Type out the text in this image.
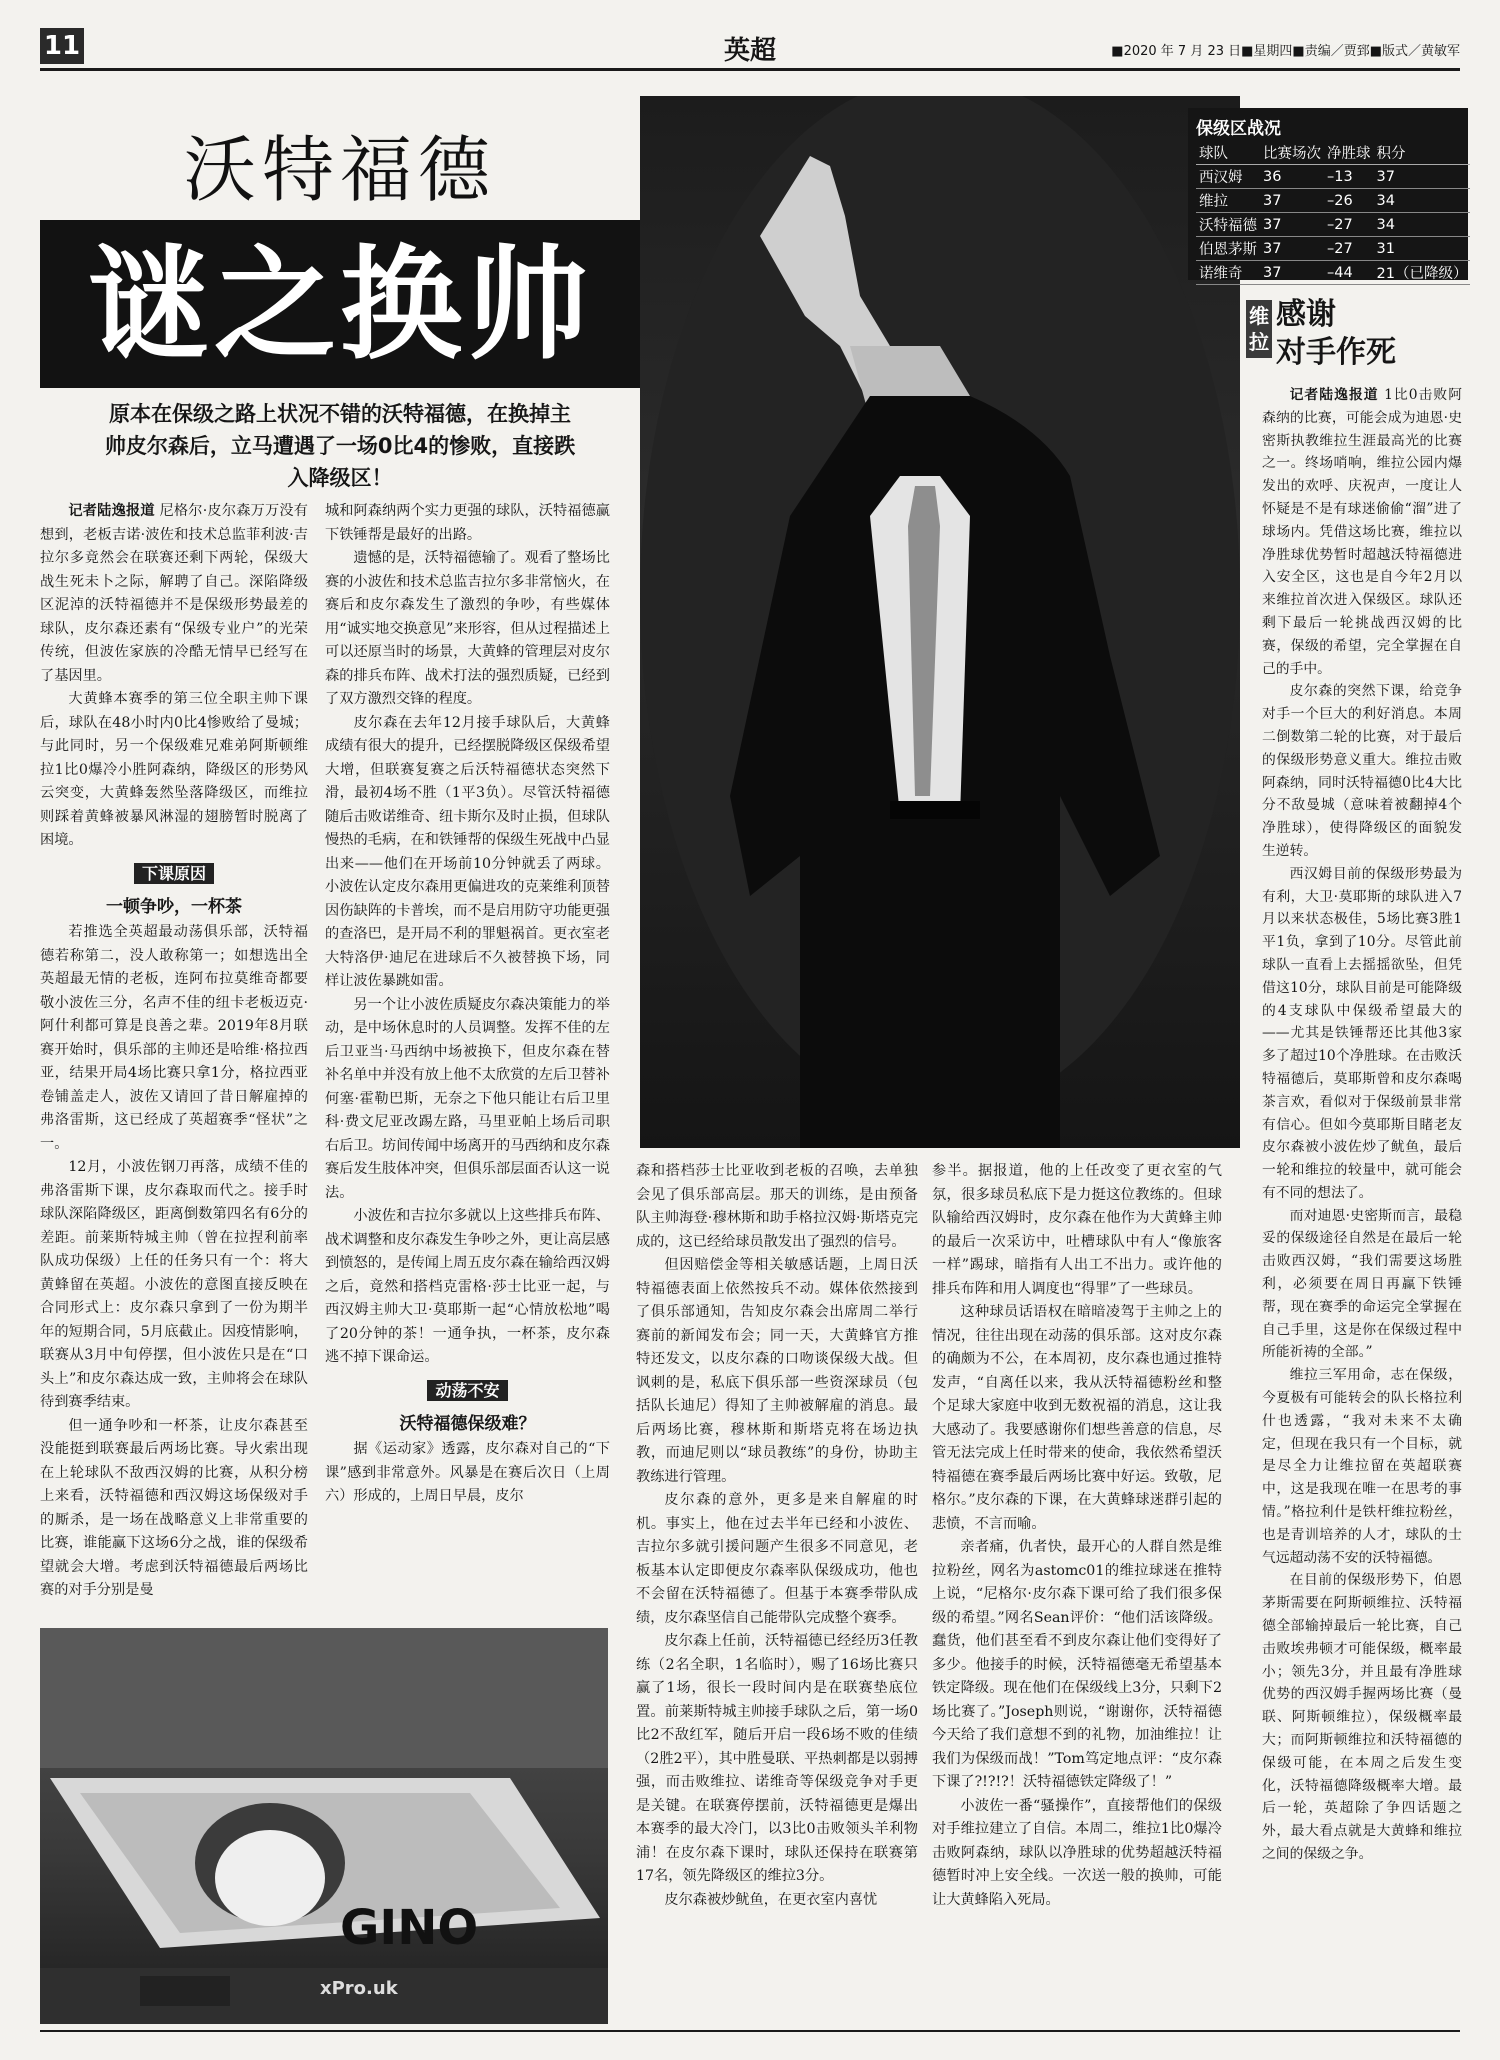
11	英超	■2020 年 7 月 23 日■星期四■责编／贾郅■版式／黄敏军
沃特福德
谜之换帅
原本在保级之路上状况不错的沃特福德，在换掉主帅皮尔森后，立马遭遇了一场0比4的惨败，直接跌入降级区！
保级区战况
球队	比赛场次	净胜球	积分
西汉姆	36	–13	37
维拉	37	–26	34
沃特福德	37	–27	34
伯恩茅斯	37	–27	31
诺维奇	37	–44	21（已降级）
维拉
感谢
对手作死

记者陆逸报道 尼格尔·皮尔森万万没有想到，老板吉诺·波佐和技术总监菲利波·吉拉尔多竟然会在联赛还剩下两轮，保级大战生死未卜之际，解聘了自己。深陷降级区泥淖的沃特福德并不是保级形势最差的球队，皮尔森还素有“保级专业户”的光荣传统，但波佐家族的冷酷无情早已经写在了基因里。

大黄蜂本赛季的第三位全职主帅下课后，球队在48小时内0比4惨败给了曼城；与此同时，另一个保级难兄难弟阿斯顿维拉1比0爆冷小胜阿森纳，降级区的形势风云突变，大黄蜂轰然坠落降级区，而维拉则踩着黄蜂被暴风淋湿的翅膀暂时脱离了困境。

下课原因
一顿争吵，一杯茶

若推选全英超最动荡俱乐部，沃特福德若称第二，没人敢称第一；如想选出全英超最无情的老板，连阿布拉莫维奇都要敬小波佐三分，名声不佳的纽卡老板迈克·阿什利都可算是良善之辈。2019年8月联赛开始时，俱乐部的主帅还是哈维·格拉西亚，结果开局4场比赛只拿1分，格拉西亚卷铺盖走人，波佐又请回了昔日解雇掉的弗洛雷斯，这已经成了英超赛季“怪状”之一。

12月，小波佐钢刀再落，成绩不佳的弗洛雷斯下课，皮尔森取而代之。接手时球队深陷降级区，距离倒数第四名有6分的差距。前莱斯特城主帅（曾在拉捏利前率队成功保级）上任的任务只有一个：将大黄蜂留在英超。小波佐的意图直接反映在合同形式上：皮尔森只拿到了一份为期半年的短期合同，5月底截止。因疫情影响，联赛从3月中旬停摆，但小波佐只是在“口头上”和皮尔森达成一致，主帅将会在球队待到赛季结束。

但一通争吵和一杯茶，让皮尔森甚至没能挺到联赛最后两场比赛。导火索出现在上轮球队不敌西汉姆的比赛，从积分榜上来看，沃特福德和西汉姆这场保级对手的厮杀，是一场在战略意义上非常重要的比赛，谁能赢下这场6分之战，谁的保级希望就会大增。考虑到沃特福德最后两场比赛的对手分别是曼

城和阿森纳两个实力更强的球队，沃特福德赢下铁锤帮是最好的出路。

遗憾的是，沃特福德输了。观看了整场比赛的小波佐和技术总监吉拉尔多非常恼火，在赛后和皮尔森发生了激烈的争吵，有些媒体用“诚实地交换意见”来形容，但从过程描述上可以还原当时的场景，大黄蜂的管理层对皮尔森的排兵布阵、战术打法的强烈质疑，已经到了双方激烈交锋的程度。

皮尔森在去年12月接手球队后，大黄蜂成绩有很大的提升，已经摆脱降级区保级希望大增，但联赛复赛之后沃特福德状态突然下滑，最初4场不胜（1平3负）。尽管沃特福德随后击败诺维奇、纽卡斯尔及时止损，但球队慢热的毛病，在和铁锤帮的保级生死战中凸显出来——他们在开场前10分钟就丢了两球。小波佐认定皮尔森用更偏进攻的克莱维利顶替因伤缺阵的卡普埃，而不是启用防守功能更强的查洛巴，是开局不利的罪魁祸首。更衣室老大特洛伊·迪尼在进球后不久被替换下场，同样让波佐暴跳如雷。

另一个让小波佐质疑皮尔森决策能力的举动，是中场休息时的人员调整。发挥不佳的左后卫亚当·马西纳中场被换下，但皮尔森在替补名单中并没有放上他不太欣赏的左后卫替补何塞·霍勒巴斯，无奈之下他只能让右后卫里科·费文尼亚改踢左路，马里亚帕上场后司职右后卫。坊间传闻中场离开的马西纳和皮尔森赛后发生肢体冲突，但俱乐部层面否认这一说法。

小波佐和吉拉尔多就以上这些排兵布阵、战术调整和皮尔森发生争吵之外，更让高层感到愤怒的，是传闻上周五皮尔森在输给西汉姆之后，竟然和搭档克雷格·莎士比亚一起，与西汉姆主帅大卫·莫耶斯一起“心情放松地”喝了20分钟的茶！一通争执，一杯茶，皮尔森逃不掉下课命运。

动荡不安
沃特福德保级难？

据《运动家》透露，皮尔森对自己的“下课”感到非常意外。风暴是在赛后次日（上周六）形成的，上周日早晨，皮尔

GINO
xPro.uk

森和搭档莎士比亚收到老板的召唤，去单独会见了俱乐部高层。那天的训练，是由预备队主帅海登·穆林斯和助手格拉汉姆·斯塔克完成的，这已经给球员散发出了强烈的信号。

但因赔偿金等相关敏感话题，上周日沃特福德表面上依然按兵不动。媒体依然接到了俱乐部通知，告知皮尔森会出席周二举行赛前的新闻发布会；同一天，大黄蜂官方推特还发文，以皮尔森的口吻谈保级大战。但讽刺的是，私底下俱乐部一些资深球员（包括队长迪尼）得知了主帅被解雇的消息。最后两场比赛，穆林斯和斯塔克将在场边执教，而迪尼则以“球员教练”的身份，协助主教练进行管理。

皮尔森的意外，更多是来自解雇的时机。事实上，他在过去半年已经和小波佐、吉拉尔多就引援问题产生很多不同意见，老板基本认定即便皮尔森率队保级成功，他也不会留在沃特福德了。但基于本赛季带队成绩，皮尔森坚信自己能带队完成整个赛季。

皮尔森上任前，沃特福德已经经历3任教练（2名全职，1名临时），赐了16场比赛只赢了1场，很长一段时间内是在联赛垫底位置。前莱斯特城主帅接手球队之后，第一场0比2不敌红军，随后开启一段6场不败的佳绩（2胜2平），其中胜曼联、平热刺都是以弱搏强，而击败维拉、诺维奇等保级竞争对手更是关键。在联赛停摆前，沃特福德更是爆出本赛季的最大冷门，以3比0击败领头羊利物浦！在皮尔森下课时，球队还保持在联赛第17名，领先降级区的维拉3分。

皮尔森被炒鱿鱼，在更衣室内喜忧

参半。据报道，他的上任改变了更衣室的气氛，很多球员私底下是力挺这位教练的。但球队输给西汉姆时，皮尔森在他作为大黄蜂主帅的最后一次采访中，吐槽球队中有人“像旅客一样”踢球，暗指有人出工不出力。或许他的排兵布阵和用人调度也“得罪”了一些球员。

这种球员话语权在暗暗凌驾于主帅之上的情况，往往出现在动荡的俱乐部。这对皮尔森的确颇为不公，在本周初，皮尔森也通过推特发声，“自离任以来，我从沃特福德粉丝和整个足球大家庭中收到无数祝福的消息，这让我大感动了。我要感谢你们想些善意的信息，尽管无法完成上任时带来的使命，我依然希望沃特福德在赛季最后两场比赛中好运。致敬，尼格尔。”皮尔森的下课，在大黄蜂球迷群引起的悲愤，不言而喻。

亲者痛，仇者快，最开心的人群自然是维拉粉丝，网名为astomc01的维拉球迷在推特上说，“尼格尔·皮尔森下课可给了我们很多保级的希望。”网名Sean评价：“他们活该降级。蠢货，他们甚至看不到皮尔森让他们变得好了多少。他接手的时候，沃特福德毫无希望基本铁定降级。现在他们在保级线上3分，只剩下2场比赛了。”Joseph则说，“谢谢你，沃特福德今天给了我们意想不到的礼物，加油维拉！让我们为保级而战！”Tom笃定地点评：“皮尔森下课了?!?!?！沃特福德铁定降级了！”

小波佐一番“骚操作”，直接帮他们的保级对手维拉建立了自信。本周二，维拉1比0爆冷击败阿森纳，球队以净胜球的优势超越沃特福德暂时冲上安全线。一次送一般的换帅，可能让大黄蜂陷入死局。

记者陆逸报道 1比0击败阿森纳的比赛，可能会成为迪恩·史密斯执教维拉生涯最高光的比赛之一。终场哨响，维拉公园内爆发出的欢呼、庆祝声，一度让人怀疑是不是有球迷偷偷“溜”进了球场内。凭借这场比赛，维拉以净胜球优势暂时超越沃特福德进入安全区，这也是自今年2月以来维拉首次进入保级区。球队还剩下最后一轮挑战西汉姆的比赛，保级的希望，完全掌握在自己的手中。

皮尔森的突然下课，给竞争对手一个巨大的利好消息。本周二倒数第二轮的比赛，对于最后的保级形势意义重大。维拉击败阿森纳，同时沃特福德0比4大比分不敌曼城（意味着被翻掉4个净胜球），使得降级区的面貌发生逆转。

西汉姆目前的保级形势最为有利，大卫·莫耶斯的球队进入7月以来状态极佳，5场比赛3胜1平1负，拿到了10分。尽管此前球队一直看上去摇摇欲坠，但凭借这10分，球队目前是可能降级的4支球队中保级希望最大的——尤其是铁锤帮还比其他3家多了超过10个净胜球。在击败沃特福德后，莫耶斯曾和皮尔森喝茶言欢，看似对于保级前景非常有信心。但如今莫耶斯目睹老友皮尔森被小波佐炒了鱿鱼，最后一轮和维拉的较量中，就可能会有不同的想法了。

而对迪恩·史密斯而言，最稳妥的保级途径自然是在最后一轮击败西汉姆，“我们需要这场胜利，必须要在周日再赢下铁锤帮，现在赛季的命运完全掌握在自己手里，这是你在保级过程中所能祈祷的全部。”

维拉三军用命，志在保级，今夏极有可能转会的队长格拉利什也透露，“我对未来不太确定，但现在我只有一个目标，就是尽全力让维拉留在英超联赛中，这是我现在唯一在思考的事情。”格拉利什是铁杆维拉粉丝，也是青训培养的人才，球队的士气远超动荡不安的沃特福德。

在目前的保级形势下，伯恩茅斯需要在阿斯顿维拉、沃特福德全部输掉最后一轮比赛，自己击败埃弗顿才可能保级，概率最小；领先3分，并且最有净胜球优势的西汉姆手握两场比赛（曼联、阿斯顿维拉），保级概率最大；而阿斯顿维拉和沃特福德的保级可能，在本周之后发生变化，沃特福德降级概率大增。最后一轮，英超除了争四话题之外，最大看点就是大黄蜂和维拉之间的保级之争。
